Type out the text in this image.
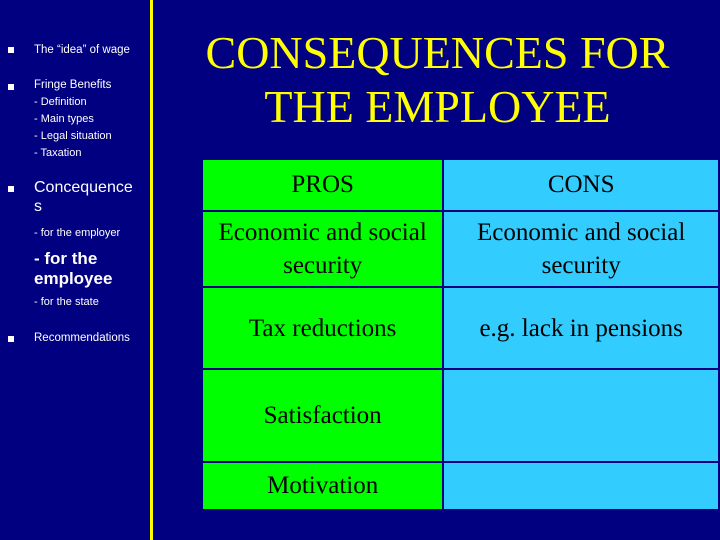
The “idea” of wage
Fringe Benefits
- Definition
- Main types
- Legal situation
- Taxation
Concequences
- for the employer
- for the employee
- for the state
Recommendations
CONSEQUENCES FOR THE EMPLOYEE
PROS	CONS
Economic and social security	Economic and social security
Tax reductions	e.g. lack in pensions
Satisfaction	
Motivation	
